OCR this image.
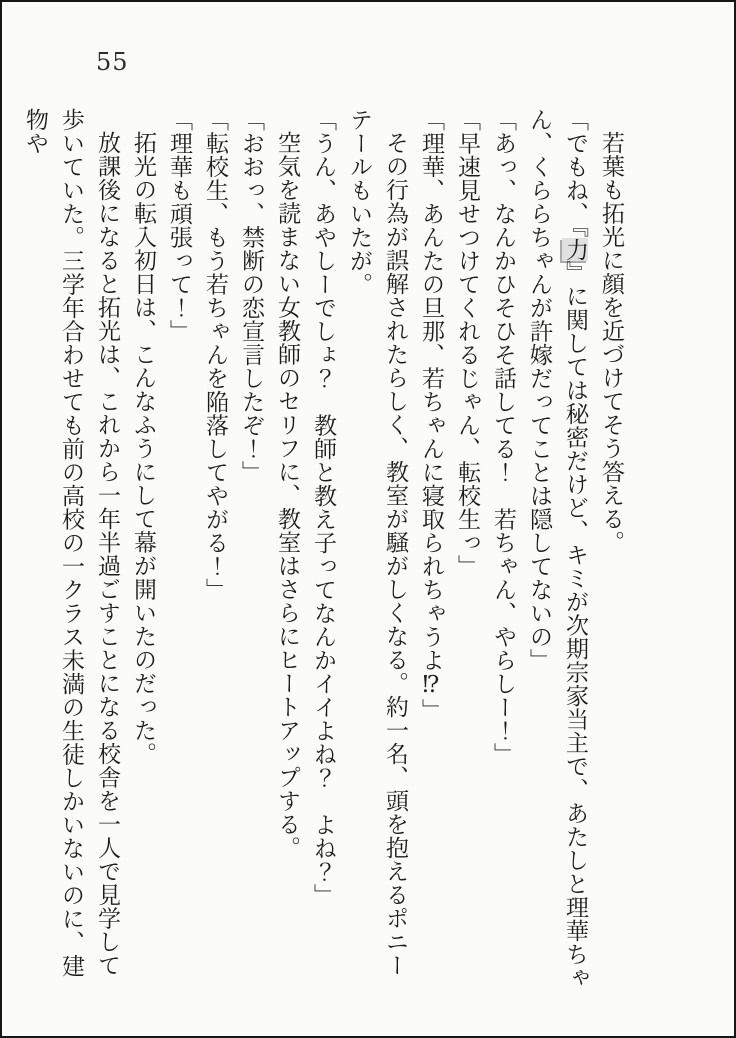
55

若葉も拓光に顔を近づけてそう答える。

「でもね、『力』に関しては秘密だけど、キミが次期宗家当主で、あたしと理華ちゃん、くららちゃんが許嫁だってことは隠してないの」

「あっ、なんかひそひそ話してる！　若ちゃん、やらしー！」

「早速見せつけてくれるじゃん、転校生っ」

「理華、あんたの旦那、若ちゃんに寝取られちゃうよ⁉」

その行為が誤解されたらしく、教室が騒がしくなる。約一名、頭を抱えるポニーテールもいたが。

「うん、あやしーでしょ？　教師と教え子ってなんかイイよね？　よね？」

空気を読まない女教師のセリフに、教室はさらにヒートアップする。

「おおっ、禁断の恋宣言したぞ！」

「転校生、もう若ちゃんを陥落してやがる！」

「理華も頑張って！」

拓光の転入初日は、こんなふうにして幕が開いたのだった。

放課後になると拓光は、これから一年半過ごすことになる校舎を一人で見学して歩いていた。三学年合わせても前の高校の一クラス未満の生徒しかいないのに、建物や
